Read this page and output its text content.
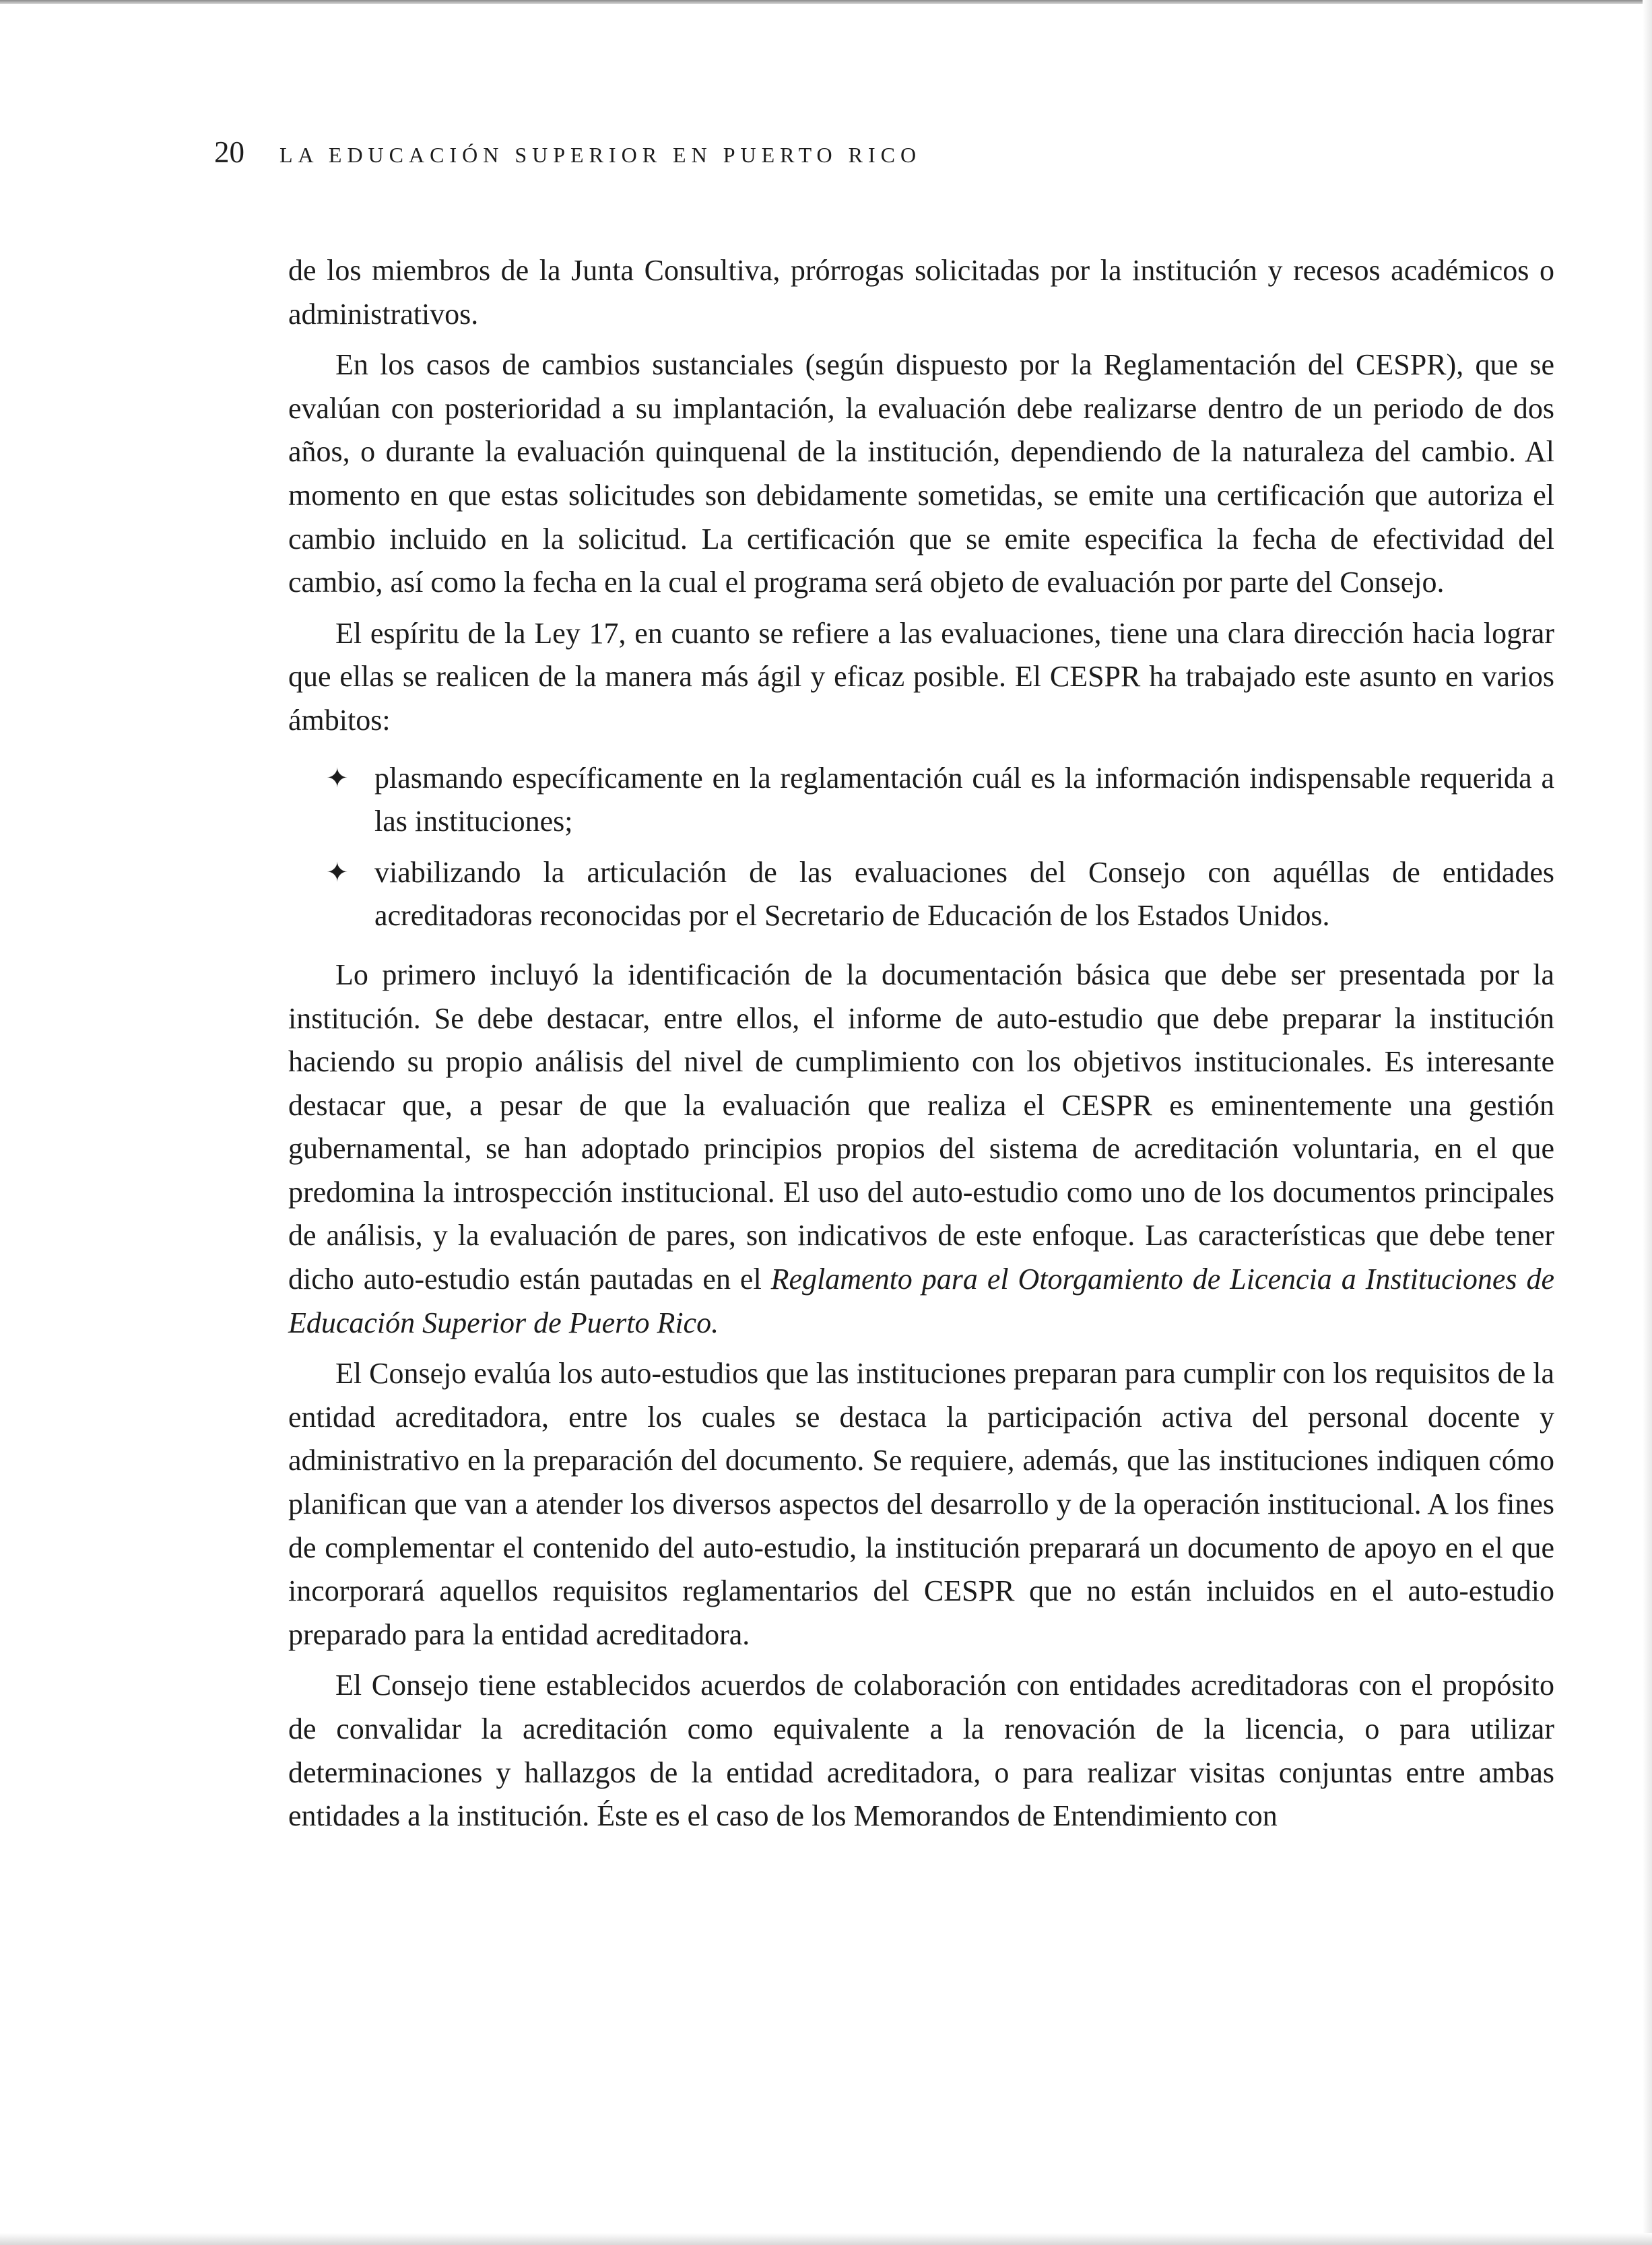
20 LA EDUCACIÓN SUPERIOR EN PUERTO RICO

de los miembros de la Junta Consultiva, prórrogas solicitadas por la institución y recesos académicos o administrativos.

En los casos de cambios sustanciales (según dispuesto por la Reglamentación del CESPR), que se evalúan con posterioridad a su implantación, la evaluación debe realizarse dentro de un periodo de dos años, o durante la evaluación quinquenal de la institución, dependiendo de la naturaleza del cambio. Al momento en que estas solicitudes son debidamente sometidas, se emite una certificación que autoriza el cambio incluido en la solicitud. La certificación que se emite especifica la fecha de efectividad del cambio, así como la fecha en la cual el programa será objeto de evaluación por parte del Consejo.

El espíritu de la Ley 17, en cuanto se refiere a las evaluaciones, tiene una clara dirección hacia lograr que ellas se realicen de la manera más ágil y eficaz posible. El CESPR ha trabajado este asunto en varios ámbitos:

✦ plasmando específicamente en la reglamentación cuál es la información indispensable requerida a las instituciones;
✦ viabilizando la articulación de las evaluaciones del Consejo con aquéllas de entidades acreditadoras reconocidas por el Secretario de Educación de los Estados Unidos.

Lo primero incluyó la identificación de la documentación básica que debe ser presentada por la institución. Se debe destacar, entre ellos, el informe de auto-estudio que debe preparar la institución haciendo su propio análisis del nivel de cumplimiento con los objetivos institucionales. Es interesante destacar que, a pesar de que la evaluación que realiza el CESPR es eminentemente una gestión gubernamental, se han adoptado principios propios del sistema de acreditación voluntaria, en el que predomina la introspección institucional. El uso del auto-estudio como uno de los documentos principales de análisis, y la evaluación de pares, son indicativos de este enfoque. Las características que debe tener dicho auto-estudio están pautadas en el Reglamento para el Otorgamiento de Licencia a Instituciones de Educación Superior de Puerto Rico.

El Consejo evalúa los auto-estudios que las instituciones preparan para cumplir con los requisitos de la entidad acreditadora, entre los cuales se destaca la participación activa del personal docente y administrativo en la preparación del documento. Se requiere, además, que las instituciones indiquen cómo planifican que van a atender los diversos aspectos del desarrollo y de la operación institucional. A los fines de complementar el contenido del auto-estudio, la institución preparará un documento de apoyo en el que incorporará aquellos requisitos reglamentarios del CESPR que no están incluidos en el auto-estudio preparado para la entidad acreditadora.

El Consejo tiene establecidos acuerdos de colaboración con entidades acreditadoras con el propósito de convalidar la acreditación como equivalente a la renovación de la licencia, o para utilizar determinaciones y hallazgos de la entidad acreditadora, o para realizar visitas conjuntas entre ambas entidades a la institución. Éste es el caso de los Memorandos de Entendimiento con
